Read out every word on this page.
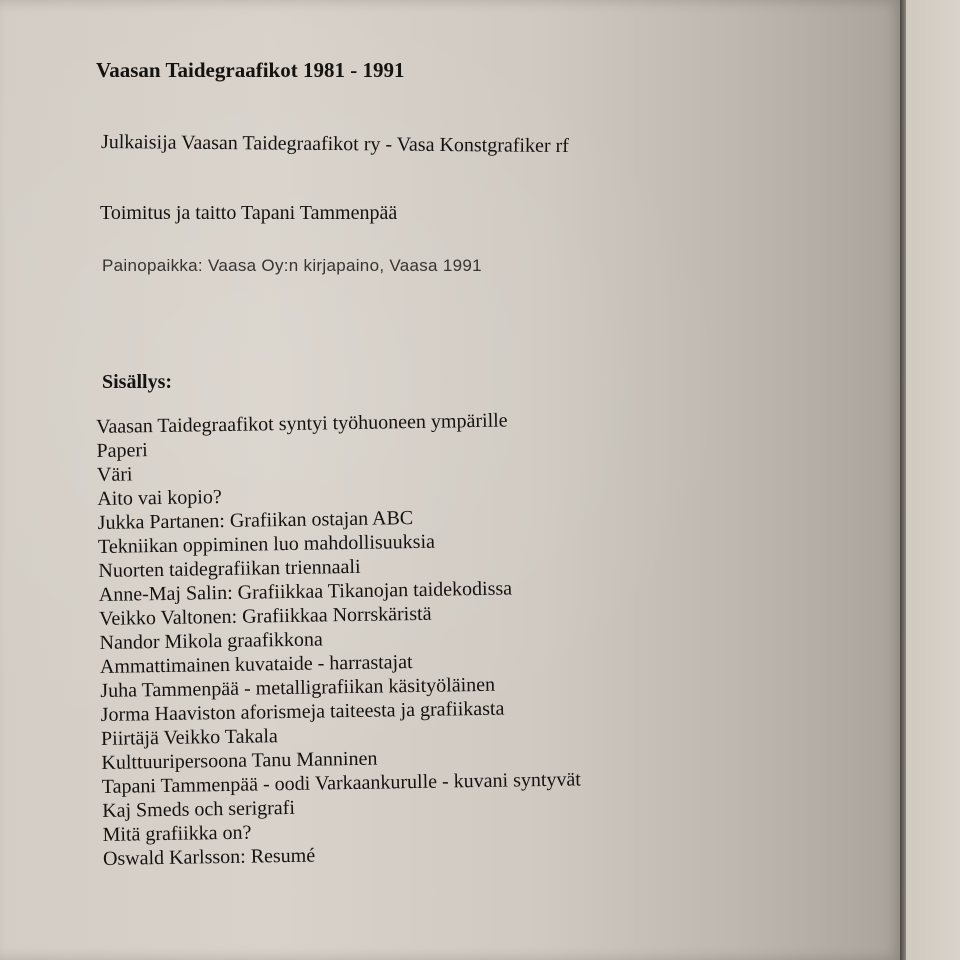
Vaasan Taidegraafikot 1981 - 1991
Julkaisija Vaasan Taidegraafikot ry - Vasa Konstgrafiker rf
Toimitus ja taitto Tapani Tammenpää
Painopaikka: Vaasa Oy:n kirjapaino, Vaasa 1991
Sisällys:
Vaasan Taidegraafikot syntyi työhuoneen ympärille
Paperi
Väri
Aito vai kopio?
Jukka Partanen: Grafiikan ostajan ABC
Tekniikan oppiminen luo mahdollisuuksia
Nuorten taidegrafiikan triennaali
Anne-Maj Salin: Grafiikkaa Tikanojan taidekodissa
Veikko Valtonen: Grafiikkaa Norrskäristä
Nandor Mikola graafikkona
Ammattimainen kuvataide - harrastajat
Juha Tammenpää - metalligrafiikan käsityöläinen
Jorma Haaviston aforismeja taiteesta ja grafiikasta
Piirtäjä Veikko Takala
Kulttuuripersoona Tanu Manninen
Tapani Tammenpää - oodi Varkaankurulle - kuvani syntyvät
Kaj Smeds och serigrafi
Mitä grafiikka on?
Oswald Karlsson: Resumé
